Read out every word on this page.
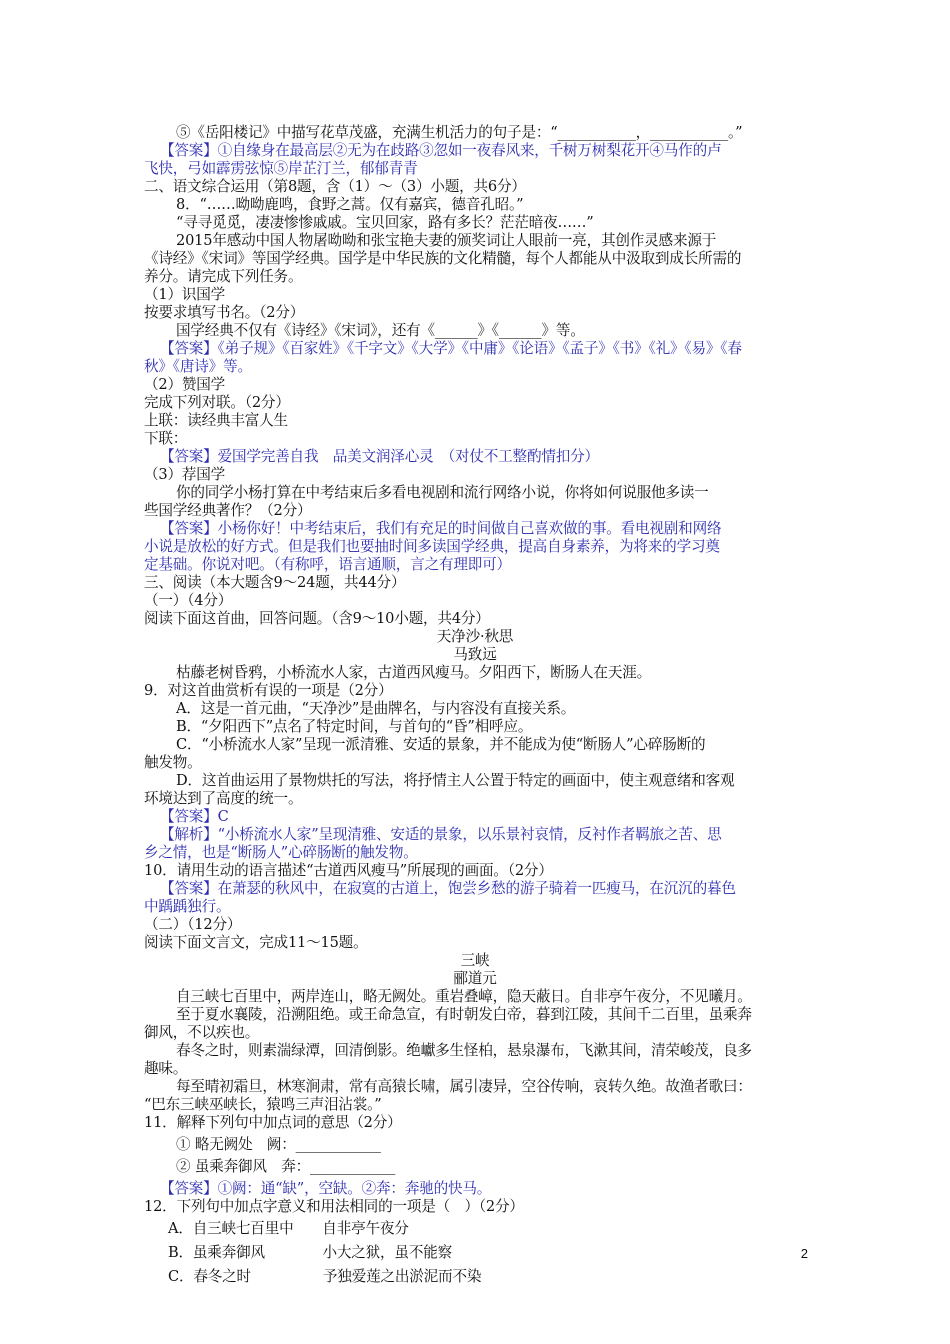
⑤《岳阳楼记》中描写花草茂盛，充满生机活力的句子是：“___________，___________。”
【答案】①自缘身在最高层②无为在歧路③忽如一夜春风来，千树万树梨花开④马作的卢
飞快，弓如霹雳弦惊⑤岸芷汀兰，郁郁青青
二、语文综合运用（第8题，含（1）～（3）小题，共6分）
8．“……呦呦鹿鸣，食野之蒿。仅有嘉宾，德音孔昭。”
“寻寻觅觅，凄凄惨惨戚戚。宝贝回家，路有多长？茫茫暗夜……”
2015年感动中国人物屠呦呦和张宝艳夫妻的颁奖词让人眼前一亮，其创作灵感来源于
《诗经》《宋词》等国学经典。国学是中华民族的文化精髓，每个人都能从中汲取到成长所需的
养分。请完成下列任务。
（1）识国学
按要求填写书名。（2分）
国学经典不仅有《诗经》《宋词》，还有《______》《______》等。
【答案】《弟子规》《百家姓》《千字文》《大学》《中庸》《论语》《孟子》《书》《礼》《易》《春
秋》《唐诗》等。
（2）赞国学
完成下列对联。（2分）
上联：读经典丰富人生
下联：
【答案】爱国学完善自我　品美文润泽心灵　（对仗不工整酌情扣分）
（3）荐国学
你的同学小杨打算在中考结束后多看电视剧和流行网络小说，你将如何说服他多读一
些国学经典著作？（2分）
【答案】小杨你好！中考结束后，我们有充足的时间做自己喜欢做的事。看电视剧和网络
小说是放松的好方式。但是我们也要抽时间多读国学经典，提高自身素养，为将来的学习奠
定基础。你说对吧。（有称呼，语言通顺，言之有理即可）
三、阅读（本大题含9～24题，共44分）
（一）（4分）
阅读下面这首曲，回答问题。（含9～10小题，共4分）
天净沙·秋思
马致远
枯藤老树昏鸦，小桥流水人家，古道西风瘦马。夕阳西下，断肠人在天涯。
9．对这首曲赏析有误的一项是（2分）
A．这是一首元曲，“天净沙”是曲牌名，与内容没有直接关系。
B．“夕阳西下”点名了特定时间，与首句的“昏”相呼应。
C．“小桥流水人家”呈现一派清雅、安适的景象，并不能成为使“断肠人”心碎肠断的
触发物。
D．这首曲运用了景物烘托的写法，将抒情主人公置于特定的画面中，使主观意绪和客观
环境达到了高度的统一。
【答案】C
【解析】“小桥流水人家”呈现清雅、安适的景象，以乐景衬哀情，反衬作者羁旅之苦、思
乡之情，也是“断肠人”心碎肠断的触发物。
10．请用生动的语言描述“古道西风瘦马”所展现的画面。（2分）
【答案】在萧瑟的秋风中，在寂寞的古道上，饱尝乡愁的游子骑着一匹瘦马，在沉沉的暮色
中踽踽独行。
（二）（12分）
阅读下面文言文，完成11～15题。
三峡
郦道元
自三峡七百里中，两岸连山，略无阙处。重岩叠嶂，隐天蔽日。自非亭午夜分，不见曦月。
至于夏水襄陵，沿溯阻绝。或王命急宣，有时朝发白帝，暮到江陵，其间千二百里，虽乘奔
御风，不以疾也。
春冬之时，则素湍绿潭，回清倒影。绝巘多生怪柏，悬泉瀑布，飞漱其间，清荣峻茂，良多
趣味。
每至晴初霜旦，林寒涧肃，常有高猿长啸，属引凄异，空谷传响，哀转久绝。故渔者歌曰：
“巴东三峡巫峡长，猿鸣三声泪沾裳。”
11．解释下列句中加点词的意思（2分）
① 略无阙处　阙：____________
② 虽乘奔御风　奔：____________
【答案】①阙：通“缺”，空缺。②奔：奔驰的快马。
12．下列句中加点字意义和用法相同的一项是（　）（2分）
A．自三峡七百里中　　自非亭午夜分
B．虽乘奔御风　　　　小大之狱，虽不能察
C．春冬之时　　　　　予独爱莲之出淤泥而不染
2
